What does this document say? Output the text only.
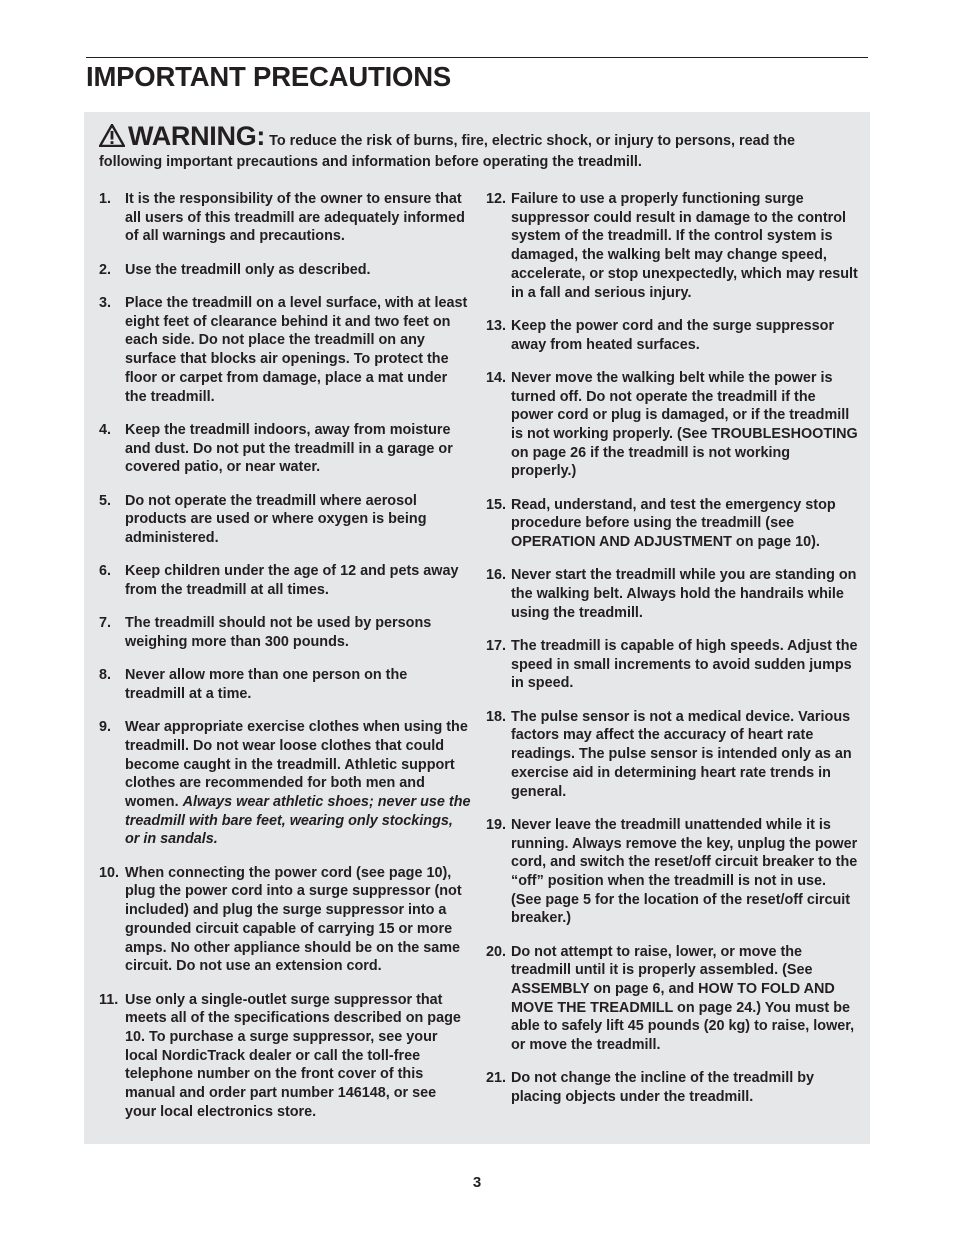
IMPORTANT PRECAUTIONS
WARNING: To reduce the risk of burns, fire, electric shock, or injury to persons, read the following important precautions and information before operating the treadmill.
1. It is the responsibility of the owner to ensure that all users of this treadmill are adequately informed of all warnings and precautions.
2. Use the treadmill only as described.
3. Place the treadmill on a level surface, with at least eight feet of clearance behind it and two feet on each side. Do not place the treadmill on any surface that blocks air openings. To protect the floor or carpet from damage, place a mat under the treadmill.
4. Keep the treadmill indoors, away from moisture and dust. Do not put the treadmill in a garage or covered patio, or near water.
5. Do not operate the treadmill where aerosol products are used or where oxygen is being administered.
6. Keep children under the age of 12 and pets away from the treadmill at all times.
7. The treadmill should not be used by persons weighing more than 300 pounds.
8. Never allow more than one person on the treadmill at a time.
9. Wear appropriate exercise clothes when using the treadmill. Do not wear loose clothes that could become caught in the treadmill. Athletic support clothes are recommended for both men and women. Always wear athletic shoes; never use the treadmill with bare feet, wearing only stockings, or in sandals.
10. When connecting the power cord (see page 10), plug the power cord into a surge suppressor (not included) and plug the surge suppressor into a grounded circuit capable of carrying 15 or more amps. No other appliance should be on the same circuit. Do not use an extension cord.
11. Use only a single-outlet surge suppressor that meets all of the specifications described on page 10. To purchase a surge suppressor, see your local NordicTrack dealer or call the toll-free telephone number on the front cover of this manual and order part number 146148, or see your local electronics store.
12. Failure to use a properly functioning surge suppressor could result in damage to the control system of the treadmill. If the control system is damaged, the walking belt may change speed, accelerate, or stop unexpectedly, which may result in a fall and serious injury.
13. Keep the power cord and the surge suppressor away from heated surfaces.
14. Never move the walking belt while the power is turned off. Do not operate the treadmill if the power cord or plug is damaged, or if the treadmill is not working properly. (See TROUBLESHOOTING on page 26 if the treadmill is not working properly.)
15. Read, understand, and test the emergency stop procedure before using the treadmill (see OPERATION AND ADJUSTMENT on page 10).
16. Never start the treadmill while you are standing on the walking belt. Always hold the handrails while using the treadmill.
17. The treadmill is capable of high speeds. Adjust the speed in small increments to avoid sudden jumps in speed.
18. The pulse sensor is not a medical device. Various factors may affect the accuracy of heart rate readings. The pulse sensor is intended only as an exercise aid in determining heart rate trends in general.
19. Never leave the treadmill unattended while it is running. Always remove the key, unplug the power cord, and switch the reset/off circuit breaker to the “off” position when the treadmill is not in use. (See page 5 for the location of the reset/off circuit breaker.)
20. Do not attempt to raise, lower, or move the treadmill until it is properly assembled. (See ASSEMBLY on page 6, and HOW TO FOLD AND MOVE THE TREADMILL on page 24.) You must be able to safely lift 45 pounds (20 kg) to raise, lower, or move the treadmill.
21. Do not change the incline of the treadmill by placing objects under the treadmill.
3
